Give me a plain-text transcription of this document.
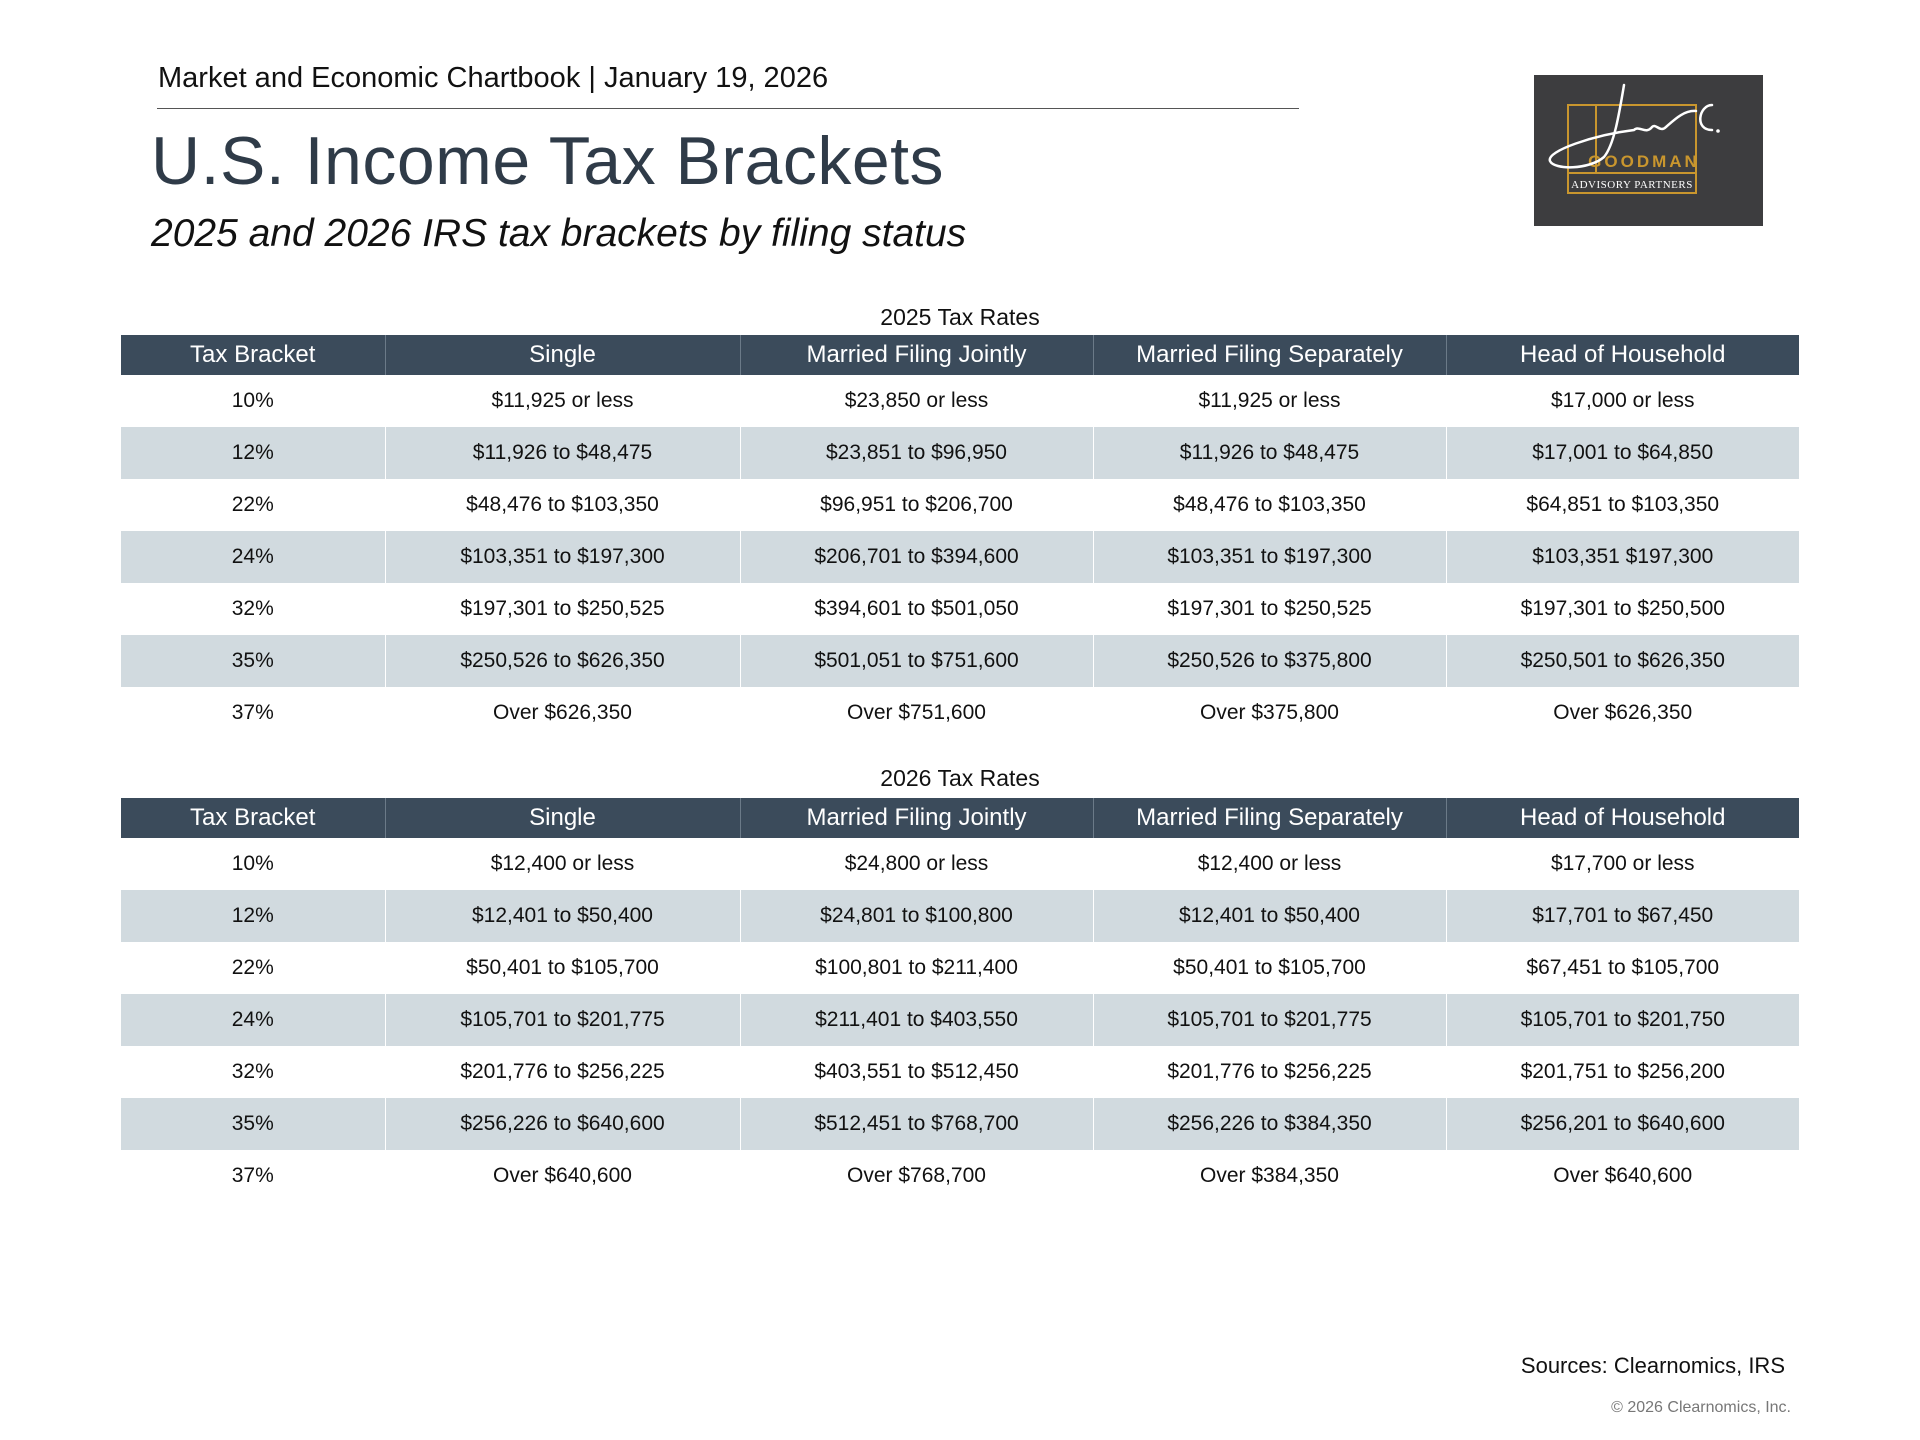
Market and Economic Chartbook | January 19, 2026
U.S. Income Tax Brackets
2025 and 2026 IRS tax brackets by filing status
GOODMAN
ADVISORY PARTNERS
2025 Tax Rates
Tax Bracket	Single	Married Filing Jointly	Married Filing Separately	Head of Household
10%	$11,925 or less	$23,850 or less	$11,925 or less	$17,000 or less
12%	$11,926 to $48,475	$23,851 to $96,950	$11,926 to $48,475	$17,001 to $64,850
22%	$48,476 to $103,350	$96,951 to $206,700	$48,476 to $103,350	$64,851 to $103,350
24%	$103,351 to $197,300	$206,701 to $394,600	$103,351 to $197,300	$103,351 $197,300
32%	$197,301 to $250,525	$394,601 to $501,050	$197,301 to $250,525	$197,301 to $250,500
35%	$250,526 to $626,350	$501,051 to $751,600	$250,526 to $375,800	$250,501 to $626,350
37%	Over $626,350	Over $751,600	Over $375,800	Over $626,350
2026 Tax Rates
Tax Bracket	Single	Married Filing Jointly	Married Filing Separately	Head of Household
10%	$12,400 or less	$24,800 or less	$12,400 or less	$17,700 or less
12%	$12,401 to $50,400	$24,801 to $100,800	$12,401 to $50,400	$17,701 to $67,450
22%	$50,401 to $105,700	$100,801 to $211,400	$50,401 to $105,700	$67,451 to $105,700
24%	$105,701 to $201,775	$211,401 to $403,550	$105,701 to $201,775	$105,701 to $201,750
32%	$201,776 to $256,225	$403,551 to $512,450	$201,776 to $256,225	$201,751 to $256,200
35%	$256,226 to $640,600	$512,451 to $768,700	$256,226 to $384,350	$256,201 to $640,600
37%	Over $640,600	Over $768,700	Over $384,350	Over $640,600
Sources: Clearnomics, IRS
© 2026 Clearnomics, Inc.
